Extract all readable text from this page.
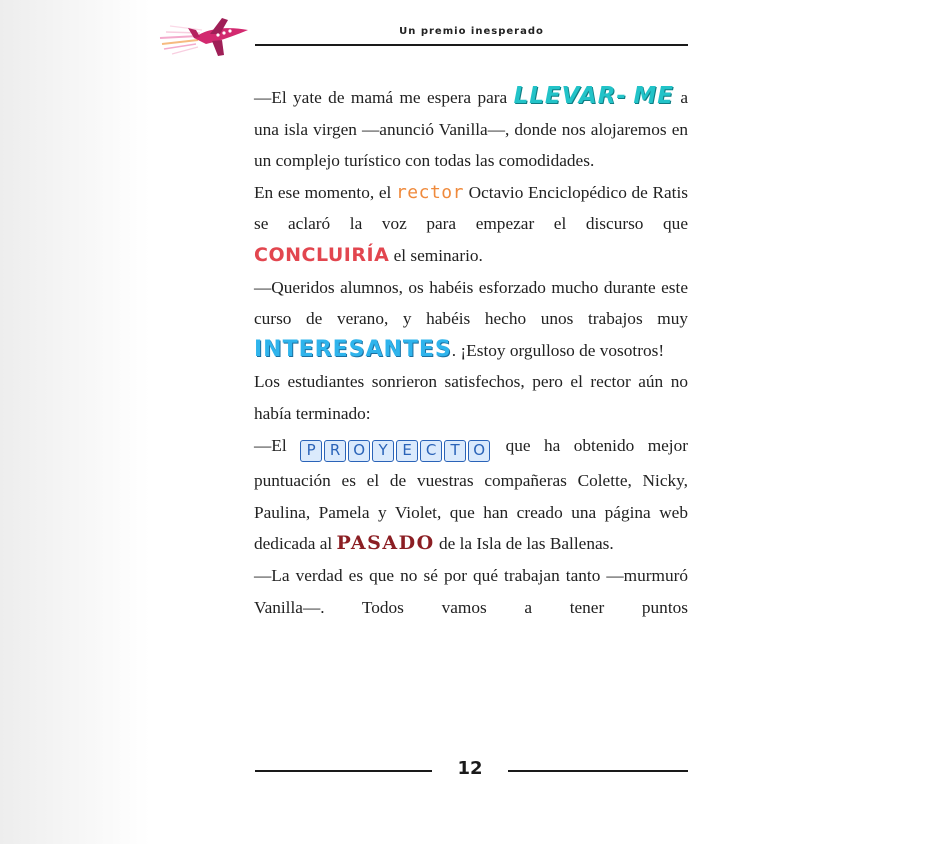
Un premio inesperado

—El yate de mamá me espera para LLEVAR- ME a una isla virgen —anunció Vanilla—, donde nos alojaremos en un complejo turístico con todas las comodidades.

En ese momento, el rector Octavio Enciclopédico de Ratis se aclaró la voz para empezar el discurso que CONCLUIRÍA el seminario.

—Queridos alumnos, os habéis esforzado mucho durante este curso de verano, y habéis hecho unos trabajos muy INTERESANTES. ¡Estoy orgulloso de vosotros!

Los estudiantes sonrieron satisfechos, pero el rector aún no había terminado:

—El P R O Y E C T O que ha obtenido mejor puntuación es el de vuestras compañeras Colette, Nicky, Paulina, Pamela y Violet, que han creado una página web dedicada al PASADO de la Isla de las Ballenas.

—La verdad es que no sé por qué trabajan tanto —murmuró Vanilla—. Todos vamos a tener puntos

12
